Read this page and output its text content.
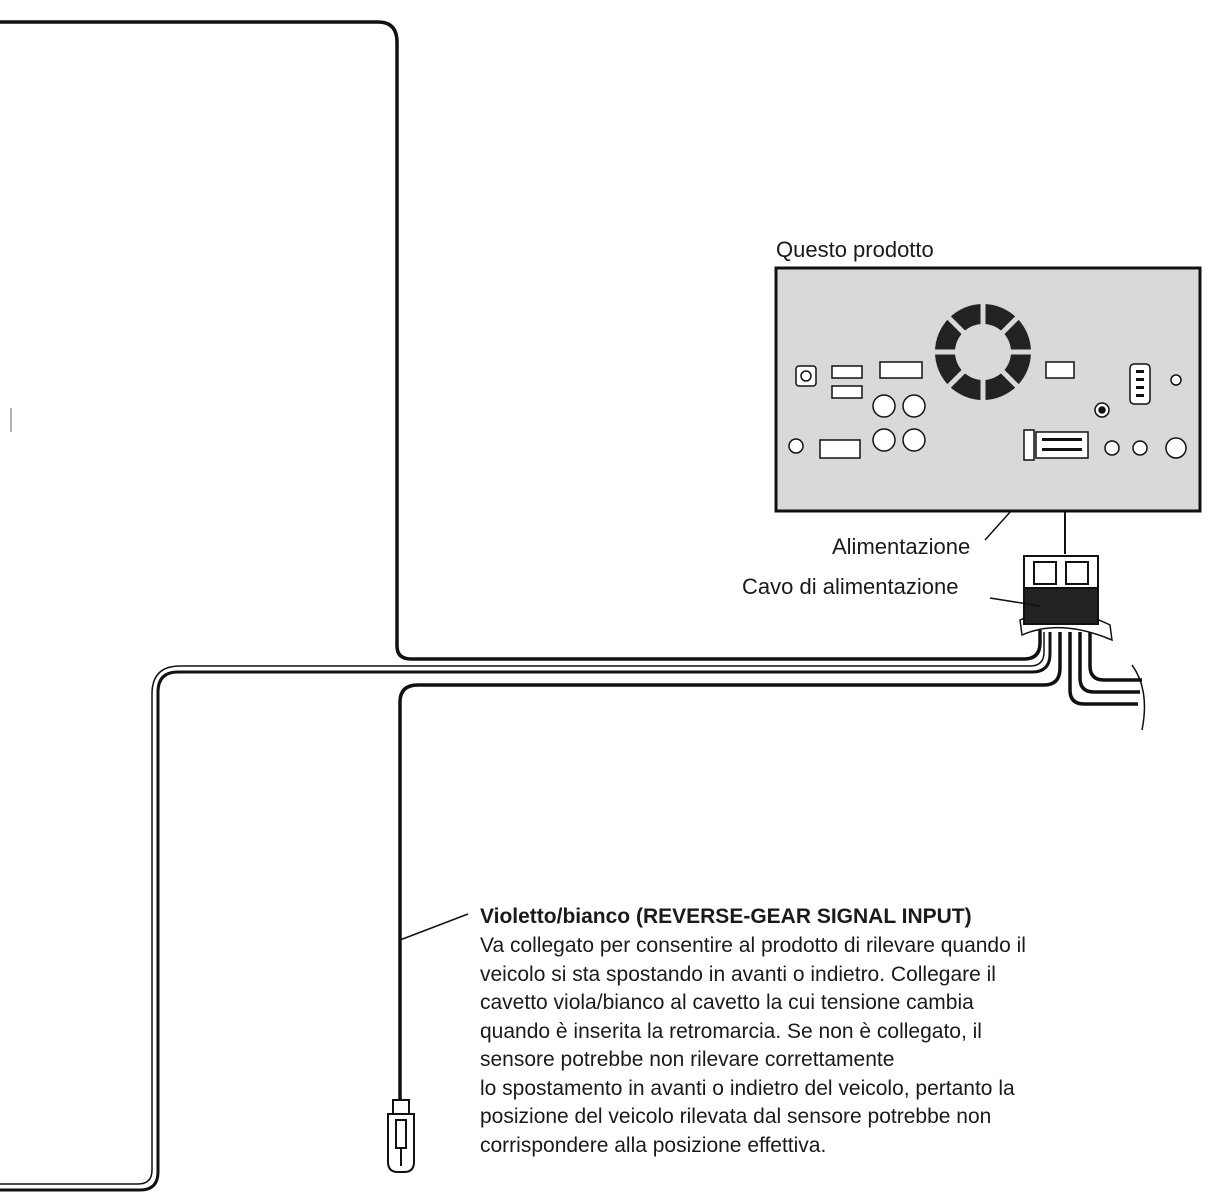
Questo prodotto
Alimentazione
Cavo di alimentazione
Violetto/bianco (REVERSE-GEAR SIGNAL INPUT)
Va collegato per consentire al prodotto di rilevare quando il
veicolo si sta spostando in avanti o indietro. Collegare il
cavetto viola/bianco al cavetto la cui tensione cambia
quando è inserita la retromarcia. Se non è collegato, il
sensore potrebbe non rilevare correttamente
lo spostamento in avanti o indietro del veicolo, pertanto la
posizione del veicolo rilevata dal sensore potrebbe non
corrispondere alla posizione effettiva.
